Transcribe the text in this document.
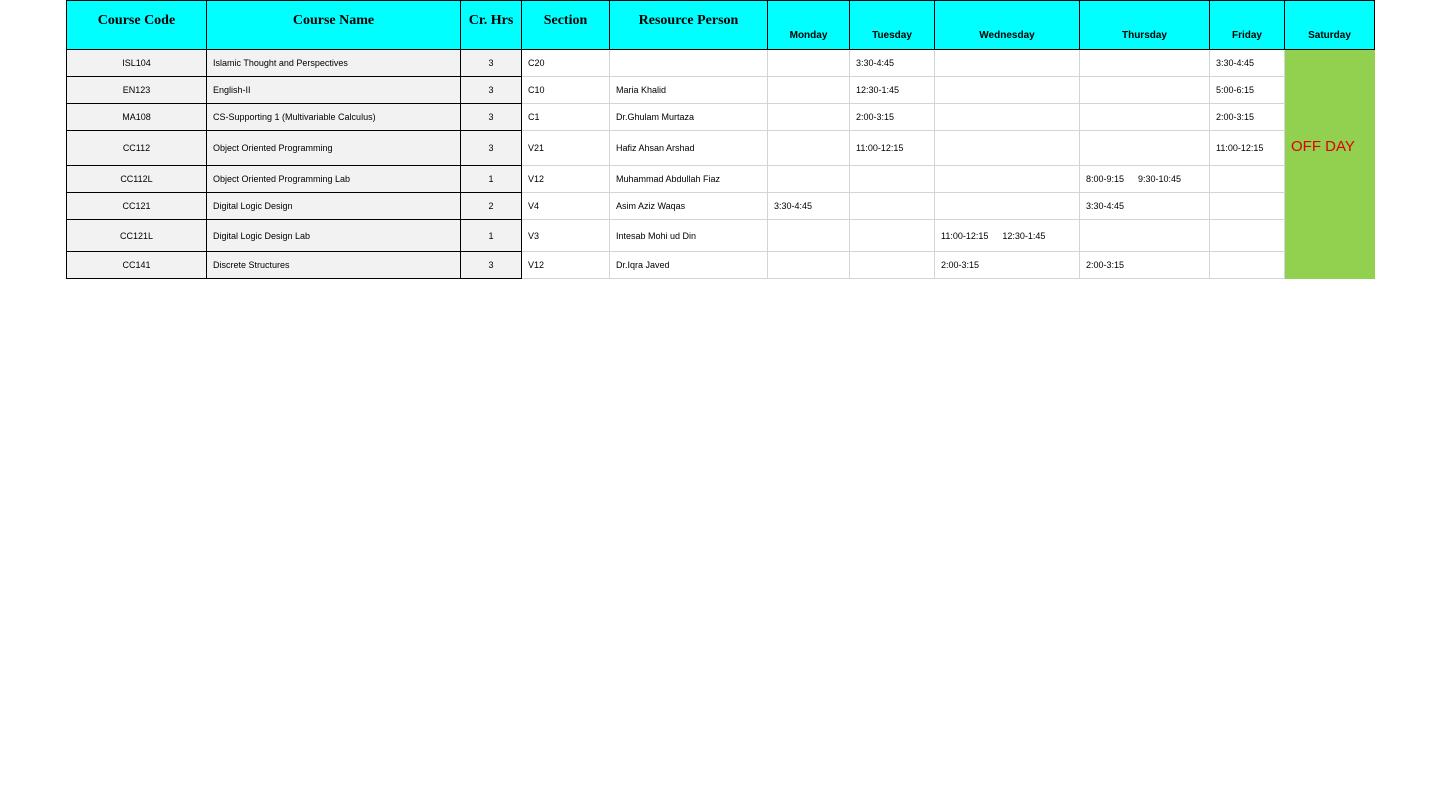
Course Code	Course Name	Cr. Hrs	Section	Resource Person	Monday	Tuesday	Wednesday	Thursday	Friday	Saturday
ISL104	Islamic Thought and Perspectives	3	C20			3:30-4:45			3:30-4:45	OFF DAY
EN123	English-II	3	C10	Maria Khalid		12:30-1:45			5:00-6:15	
MA108	CS-Supporting 1 (Multivariable Calculus)	3	C1	Dr.Ghulam Murtaza		2:00-3:15			2:00-3:15	
CC112	Object Oriented Programming	3	V21	Hafiz Ahsan Arshad		11:00-12:15			11:00-12:15	
CC112L	Object Oriented Programming Lab	1	V12	Muhammad Abdullah Fiaz				8:00-9:15 9:30-10:45		
CC121	Digital Logic Design	2	V4	Asim Aziz Waqas	3:30-4:45			3:30-4:45		
CC121L	Digital Logic Design Lab	1	V3	Intesab Mohi ud Din			11:00-12:15 12:30-1:45			
CC141	Discrete Structures	3	V12	Dr.Iqra Javed			2:00-3:15	2:00-3:15		
